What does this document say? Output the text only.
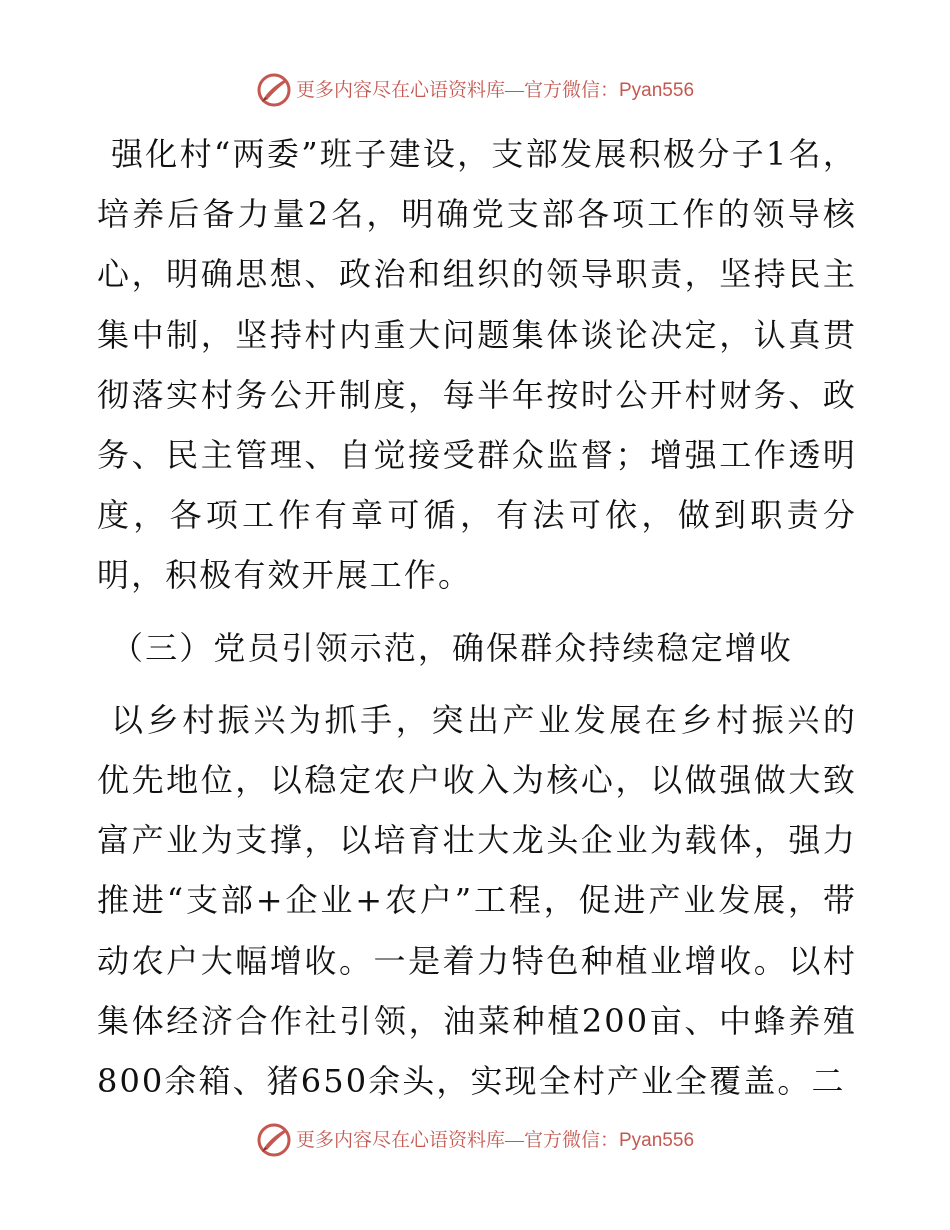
更多内容尽在心语资料库—官方微信：Pyan556

强化村“两委”班子建设，支部发展积极分子1名，培养后备力量2名，明确党支部各项工作的领导核心，明确思想、政治和组织的领导职责，坚持民主集中制，坚持村内重大问题集体谈论决定，认真贯彻落实村务公开制度，每半年按时公开村财务、政务、民主管理、自觉接受群众监督；增强工作透明度，各项工作有章可循，有法可依，做到职责分明，积极有效开展工作。

（三）党员引领示范，确保群众持续稳定增收

以乡村振兴为抓手，突出产业发展在乡村振兴的优先地位，以稳定农户收入为核心，以做强做大致富产业为支撑，以培育壮大龙头企业为载体，强力推进“支部+企业+农户”工程，促进产业发展，带动农户大幅增收。一是着力特色种植业增收。以村集体经济合作社引领，油菜种植200亩、中蜂养殖800余箱、猪650余头，实现全村产业全覆盖。二

更多内容尽在心语资料库—官方微信：Pyan556
